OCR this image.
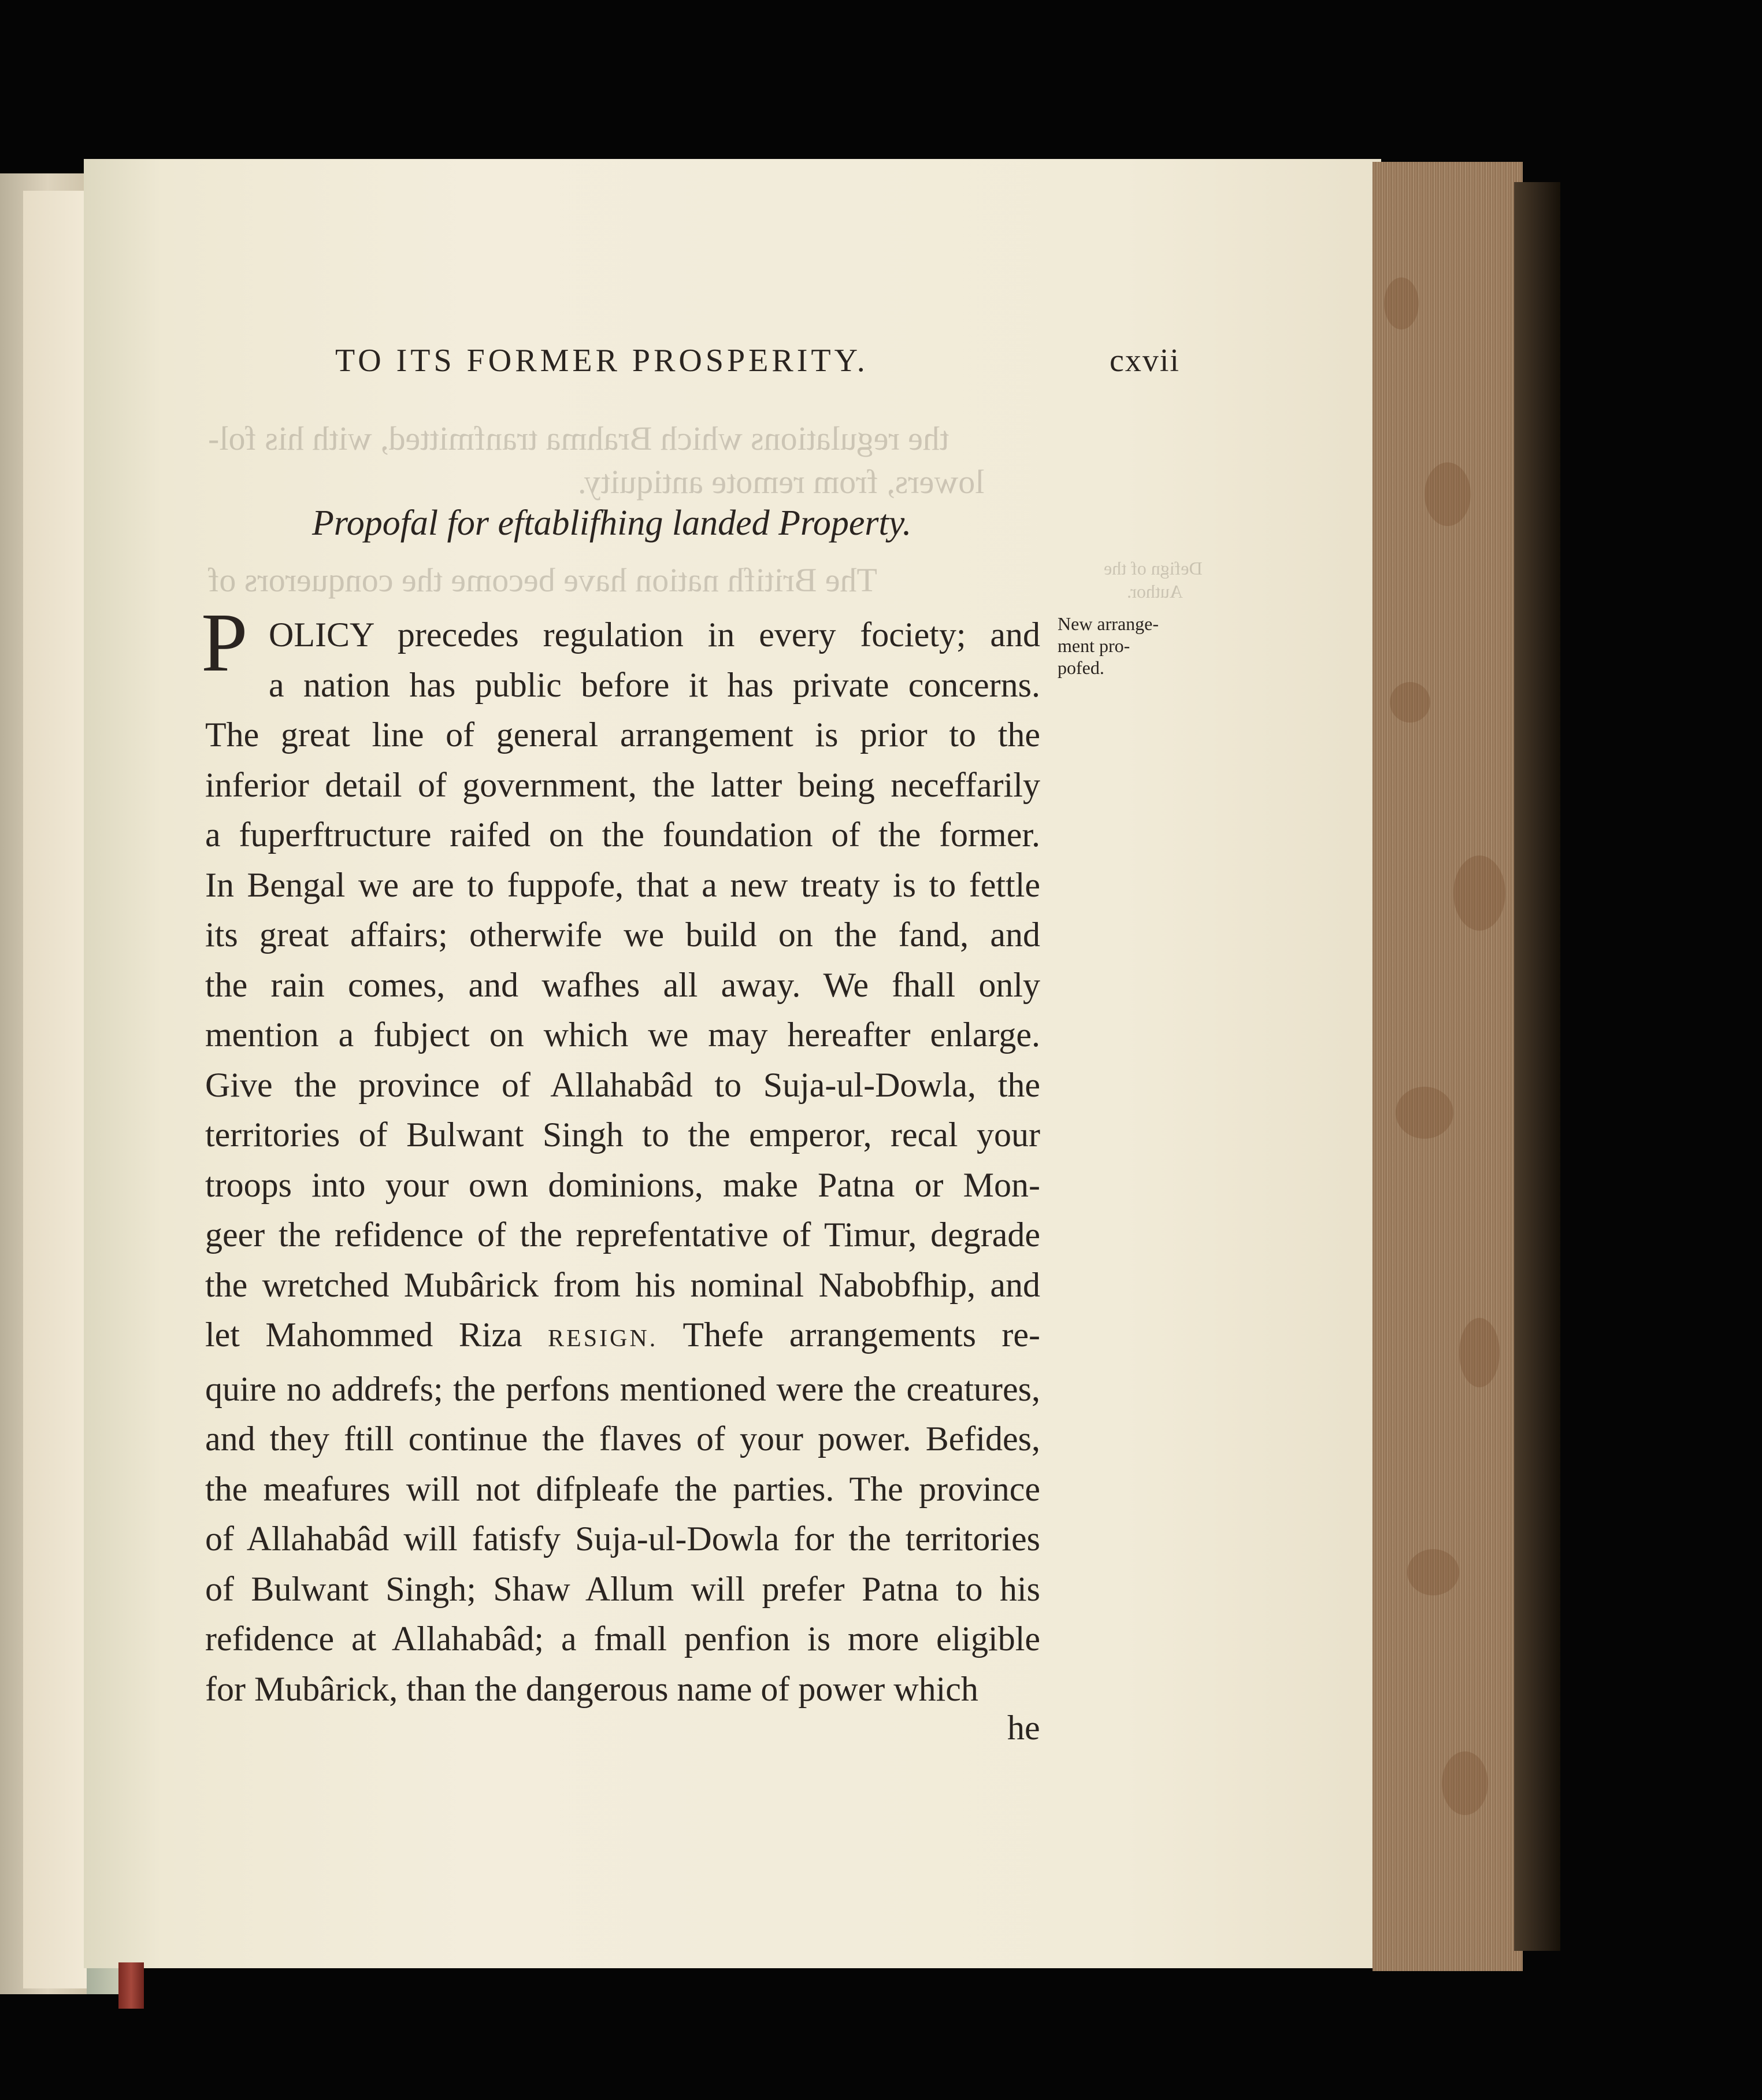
the regulations which Brahma tranfmitted, with his fol-
lowers, from remote antiquity.
The Britifh nation have become the conquerors of	Defign of the
Author.
TO ITS FORMER PROSPERITY.	cxvii
Propofal for eftablifhing landed Property.
New arrange-
ment pro-
pofed.
P OLICY precedes regulation in every fociety; and
a nation has public before it has private concerns.
The great line of general arrangement is prior to the
inferior detail of government, the latter being neceffarily
a fuperftructure raifed on the foundation of the former.
In Bengal we are to fuppofe, that a new treaty is to fettle
its great affairs; otherwife we build on the fand, and
the rain comes, and wafhes all away. We fhall only
mention a fubject on which we may hereafter enlarge.
Give the province of Allahabâd to Suja-ul-Dowla, the
territories of Bulwant Singh to the emperor, recal your
troops into your own dominions, make Patna or Mon-
geer the refidence of the reprefentative of Timur, degrade
the wretched Mubârick from his nominal Nabobfhip, and
let Mahommed Riza RESIGN. Thefe arrangements re-
quire no addrefs; the perfons mentioned were the creatures,
and they ftill continue the flaves of your power. Befides,
the meafures will not difpleafe the parties. The province
of Allahabâd will fatisfy Suja-ul-Dowla for the territories
of Bulwant Singh; Shaw Allum will prefer Patna to his
refidence at Allahabâd; a fmall penfion is more eligible
for Mubârick, than the dangerous name of power which
he
